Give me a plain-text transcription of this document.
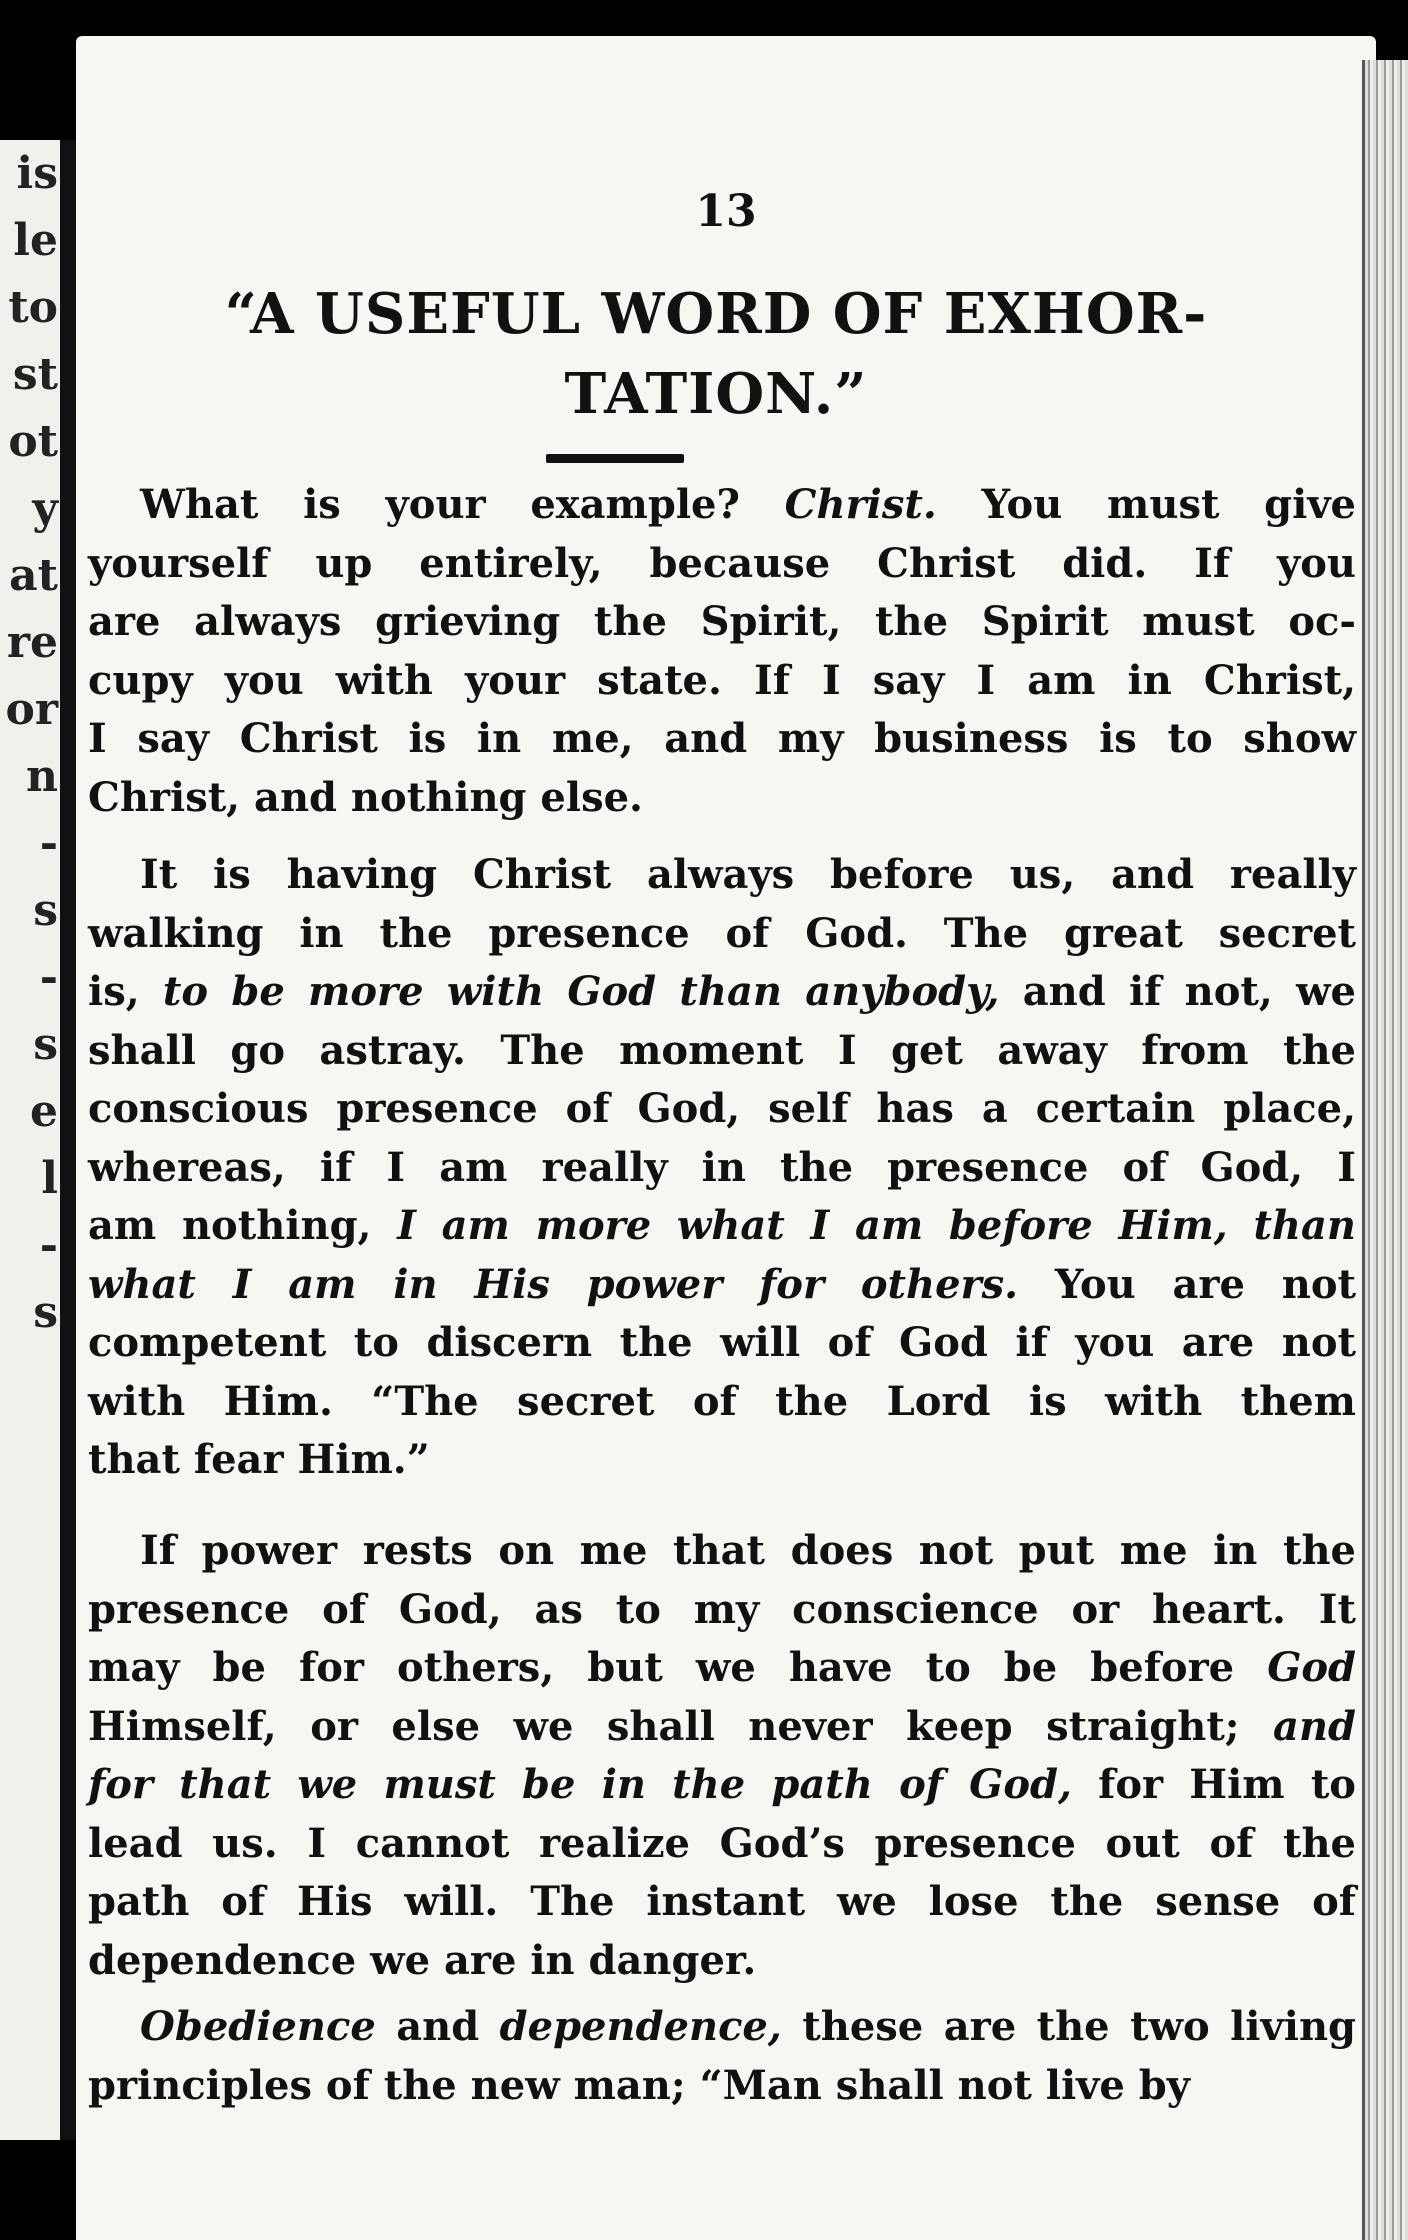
is
le
to
st
ot
y
at
re
or
n
-
s
-
s
e
l
-
s
13
“A USEFUL WORD OF EXHOR-
TATION.”
What is your example? Christ. You must give
yourself up entirely, because Christ did. If you
are always grieving the Spirit, the Spirit must oc-
cupy you with your state. If I say I am in Christ,
I say Christ is in me, and my business is to show
Christ, and nothing else.
It is having Christ always before us, and really
walking in the presence of God. The great secret
is, to be more with God than anybody, and if not, we
shall go astray. The moment I get away from the
conscious presence of God, self has a certain place,
whereas, if I am really in the presence of God, I
am nothing, I am more what I am before Him, than
what I am in His power for others. You are not
competent to discern the will of God if you are not
with Him. “The secret of the Lord is with them
that fear Him.”
If power rests on me that does not put me in the
presence of God, as to my conscience or heart. It
may be for others, but we have to be before God
Himself, or else we shall never keep straight; and
for that we must be in the path of God, for Him to
lead us. I cannot realize God’s presence out of the
path of His will. The instant we lose the sense of
dependence we are in danger.
Obedience and dependence, these are the two living
principles of the new man; “Man shall not live by
